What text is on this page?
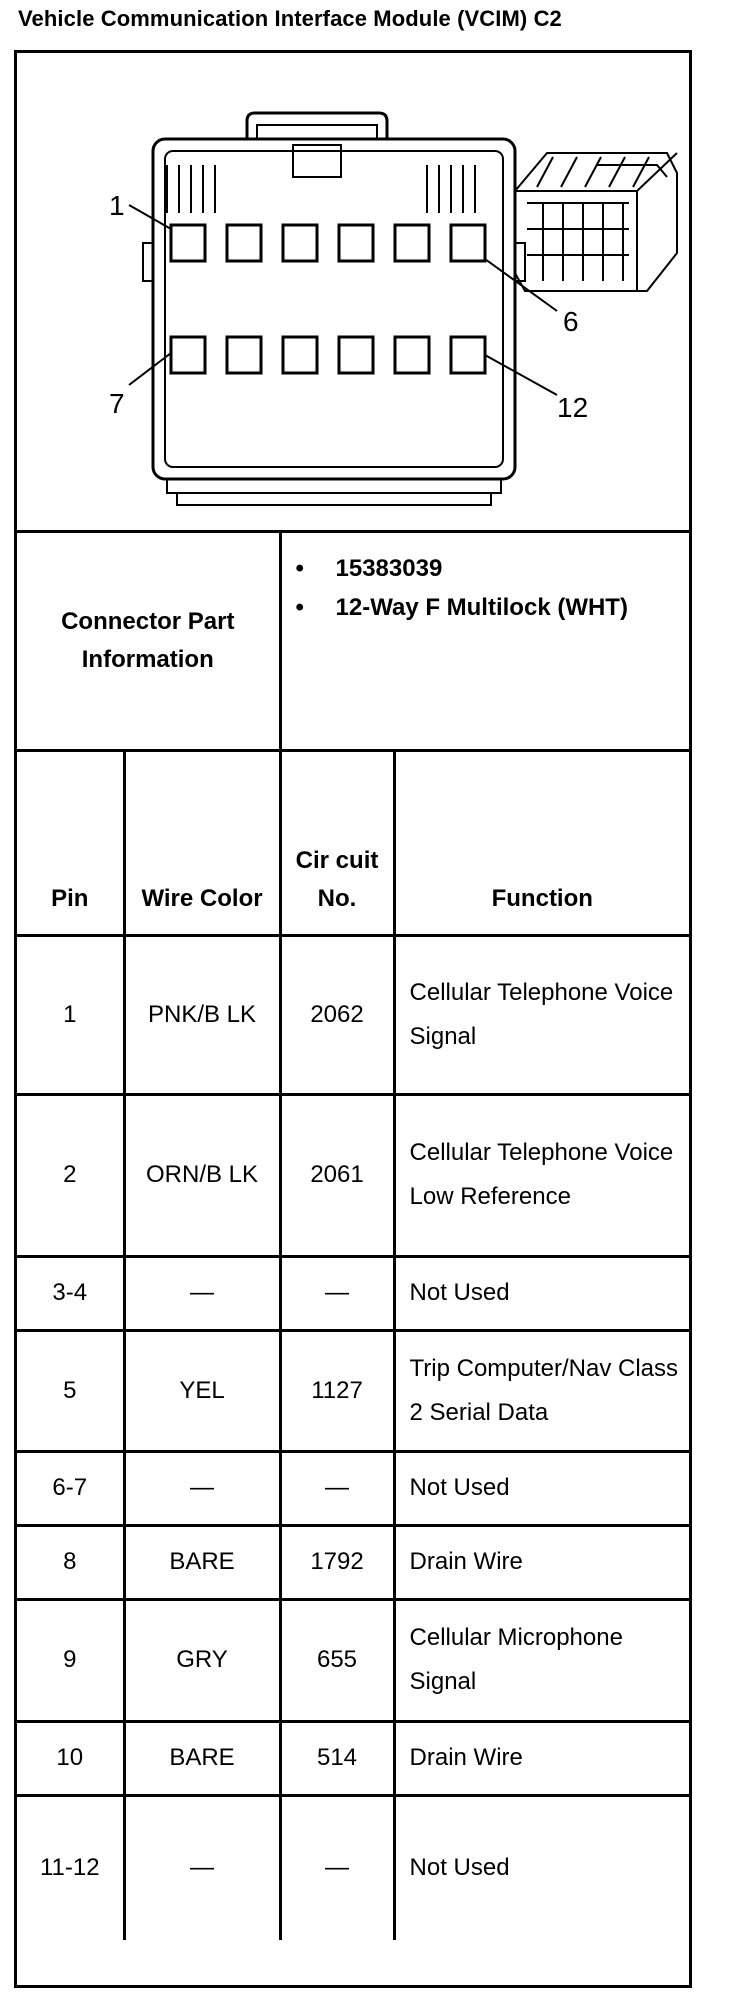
Vehicle Communication Interface Module (VCIM) C2
1
6
7	12
Connector Part Information		• 15383039
• 12-Way F Multilock (WHT)	

Pin	Wire Color	Cir cuit No.	Function
1	PNK/B LK	2062	Cellular Telephone Voice Signal
2	ORN/B LK	2061	Cellular Telephone Voice Low Reference
3-4	—	—	Not Used
5	YEL	1127	Trip Computer/Nav Class 2 Serial Data
6-7	—	—	Not Used
8	BARE	1792	Drain Wire
9	GRY	655	Cellular Microphone Signal
10	BARE	514	Drain Wire
11-12	—	—	Not Used
